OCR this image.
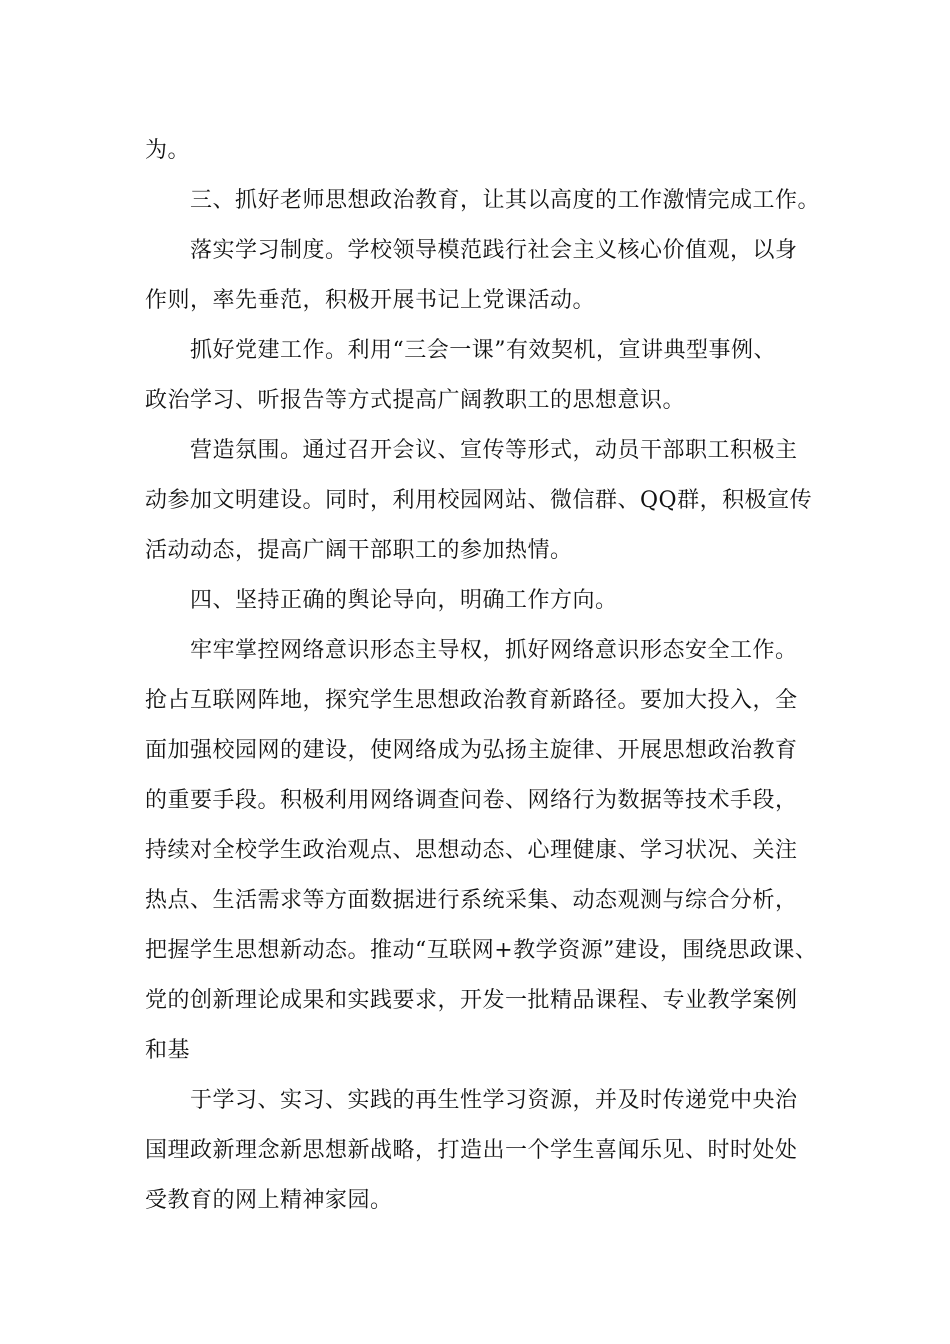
为。
三、抓好老师思想政治教育，让其以高度的工作激情完成工作。
落实学习制度。学校领导模范践行社会主义核心价值观，以身
作则，率先垂范，积极开展书记上党课活动。
抓好党建工作。利用“三会一课”有效契机，宣讲典型事例、
政治学习、听报告等方式提高广阔教职工的思想意识。
营造氛围。通过召开会议、宣传等形式，动员干部职工积极主
动参加文明建设。同时，利用校园网站、微信群、QQ群，积极宣传
活动动态，提高广阔干部职工的参加热情。
四、坚持正确的舆论导向，明确工作方向。
牢牢掌控网络意识形态主导权，抓好网络意识形态安全工作。
抢占互联网阵地，探究学生思想政治教育新路径。要加大投入，全
面加强校园网的建设，使网络成为弘扬主旋律、开展思想政治教育
的重要手段。积极利用网络调查问卷、网络行为数据等技术手段，
持续对全校学生政治观点、思想动态、心理健康、学习状况、关注
热点、生活需求等方面数据进行系统采集、动态观测与综合分析，
把握学生思想新动态。推动“互联网+教学资源”建设，围绕思政课、
党的创新理论成果和实践要求，开发一批精品课程、专业教学案例
和基
于学习、实习、实践的再生性学习资源，并及时传递党中央治
国理政新理念新思想新战略，打造出一个学生喜闻乐见、时时处处
受教育的网上精神家园。
